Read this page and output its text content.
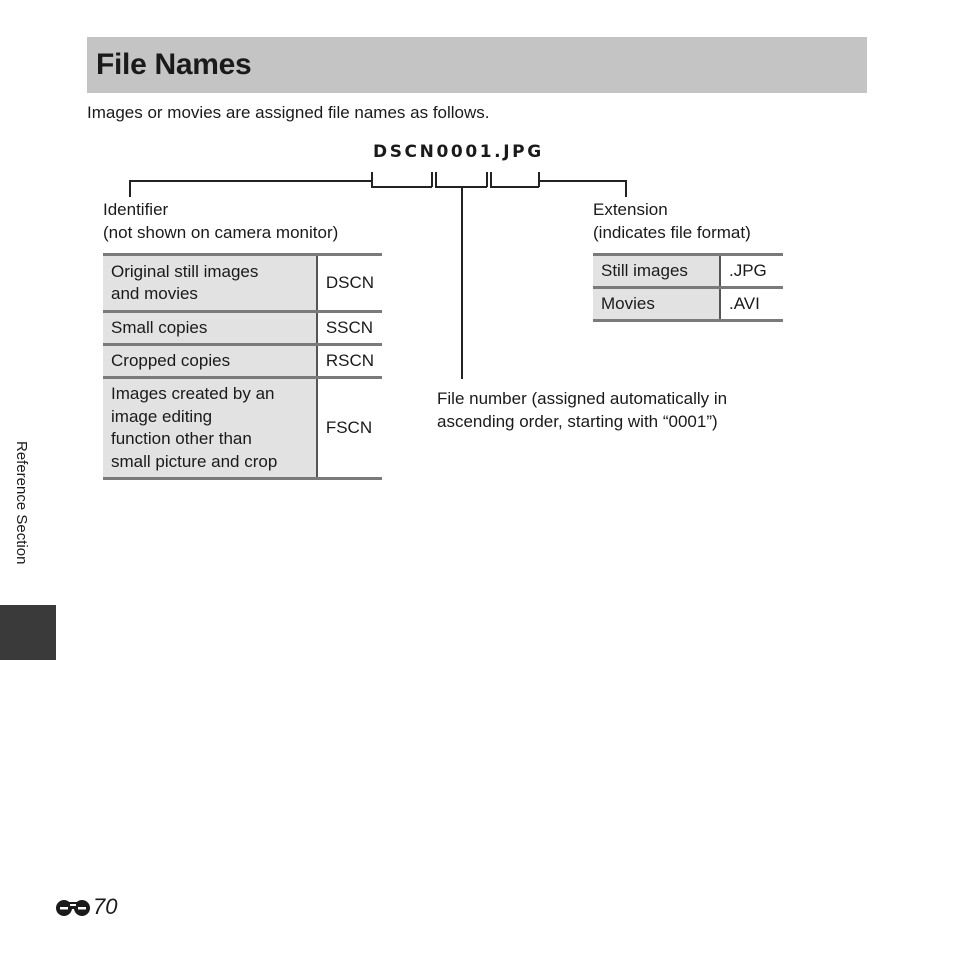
File Names
Images or movies are assigned file names as follows.
DSCN0001.JPG
Identifier
(not shown on camera monitor)
Original still images
and movies	DSCN
Small copies	SSCN
Cropped copies	RSCN
Images created by an
image editing
function other than
small picture and crop	FSCN
File number (assigned automatically in
ascending order, starting with “0001”)
Extension
(indicates file format)
Still images	.JPG
Movies	.AVI
Reference Section
70
